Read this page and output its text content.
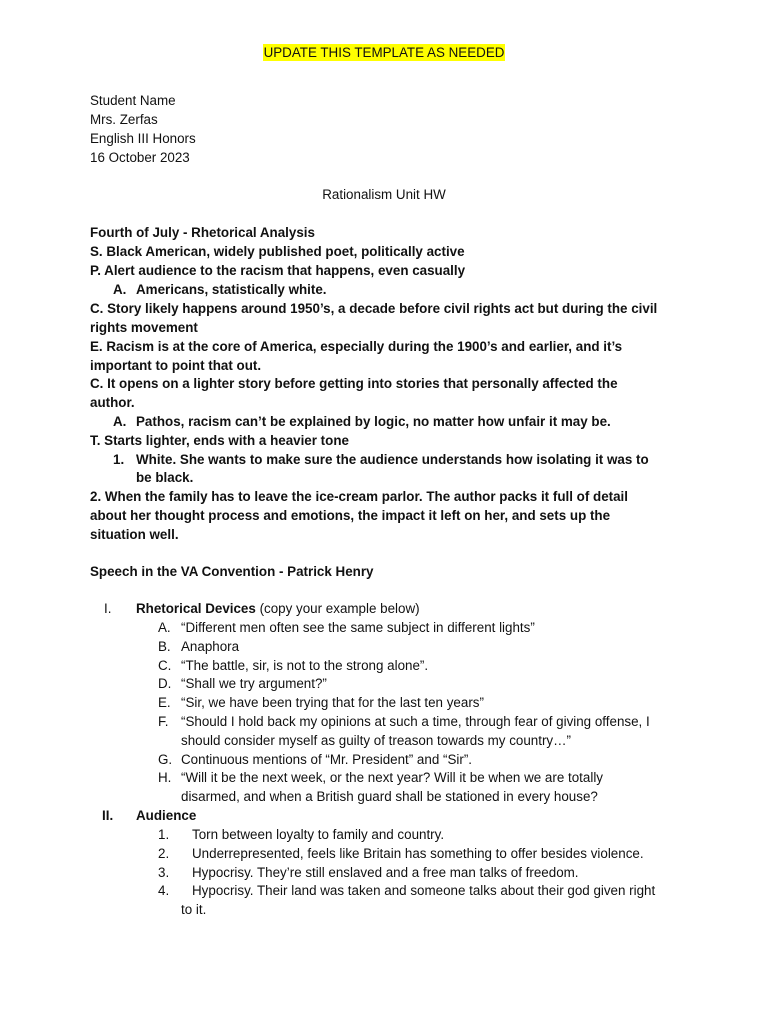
UPDATE THIS TEMPLATE AS NEEDED
Student Name
Mrs. Zerfas
English III Honors
16 October 2023
Rationalism Unit HW
Fourth of July - Rhetorical Analysis
S. Black American, widely published poet, politically active
P. Alert audience to the racism that happens, even casually
A. Americans, statistically white.
C. Story likely happens around 1950’s, a decade before civil rights act but during the civil
rights movement
E. Racism is at the core of America, especially during the 1900’s and earlier, and it’s
important to point that out.
C. It opens on a lighter story before getting into stories that personally affected the
author.
A. Pathos, racism can’t be explained by logic, no matter how unfair it may be.
T. Starts lighter, ends with a heavier tone
1. White. She wants to make sure the audience understands how isolating it was to
be black.
2. When the family has to leave the ice-cream parlor. The author packs it full of detail
about her thought process and emotions, the impact it left on her, and sets up the
situation well.
Speech in the VA Convention - Patrick Henry
I. Rhetorical Devices (copy your example below)
A. “Different men often see the same subject in different lights”
B. Anaphora
C. “The battle, sir, is not to the strong alone”.
D. “Shall we try argument?”
E. “Sir, we have been trying that for the last ten years”
F. “Should I hold back my opinions at such a time, through fear of giving offense, I
should consider myself as guilty of treason towards my country…”
G. Continuous mentions of “Mr. President” and “Sir”.
H. “Will it be the next week, or the next year? Will it be when we are totally
disarmed, and when a British guard shall be stationed in every house?
II. Audience
1. Torn between loyalty to family and country.
2. Underrepresented, feels like Britain has something to offer besides violence.
3. Hypocrisy. They’re still enslaved and a free man talks of freedom.
4. Hypocrisy. Their land was taken and someone talks about their god given right
to it.
